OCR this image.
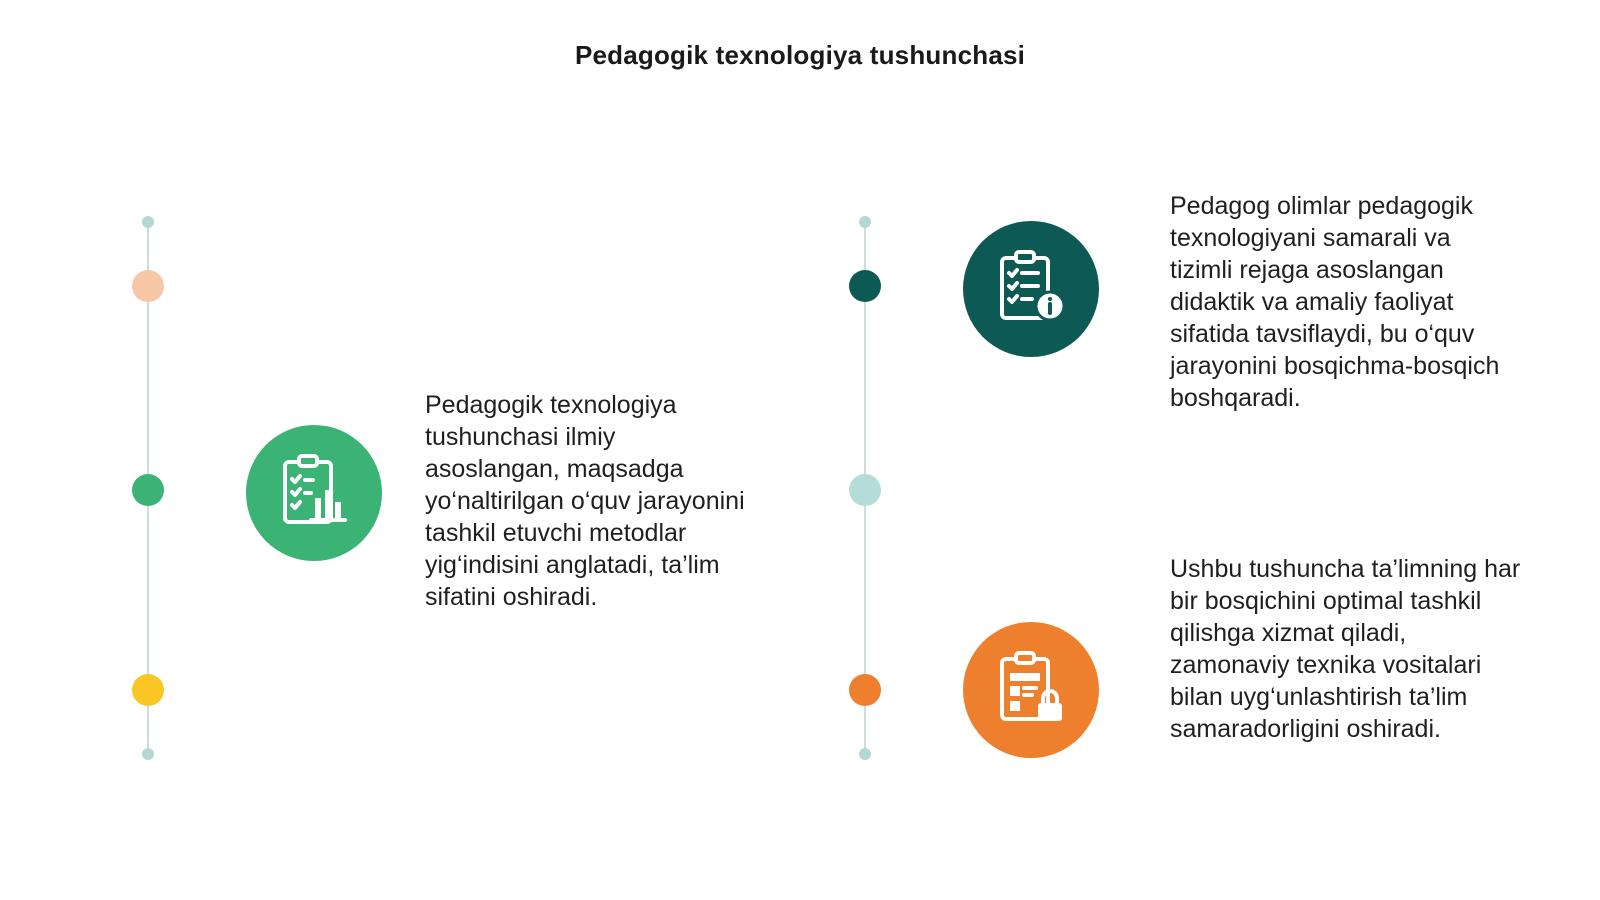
Pedagogik texnologiya tushunchasi
Pedagogik texnologiya tushunchasi ilmiy asoslangan, maqsadga yo‘naltirilgan o‘quv jarayonini tashkil etuvchi metodlar yig‘indisini anglatadi, ta’lim sifatini oshiradi.
Pedagog olimlar pedagogik texnologiyani samarali va tizimli rejaga asoslangan didaktik va amaliy faoliyat sifatida tavsiflaydi, bu o‘quv jarayonini bosqichma-bosqich boshqaradi.
Ushbu tushuncha ta’limning har bir bosqichini optimal tashkil qilishga xizmat qiladi, zamonaviy texnika vositalari bilan uyg‘unlashtirish ta’lim samaradorligini oshiradi.
